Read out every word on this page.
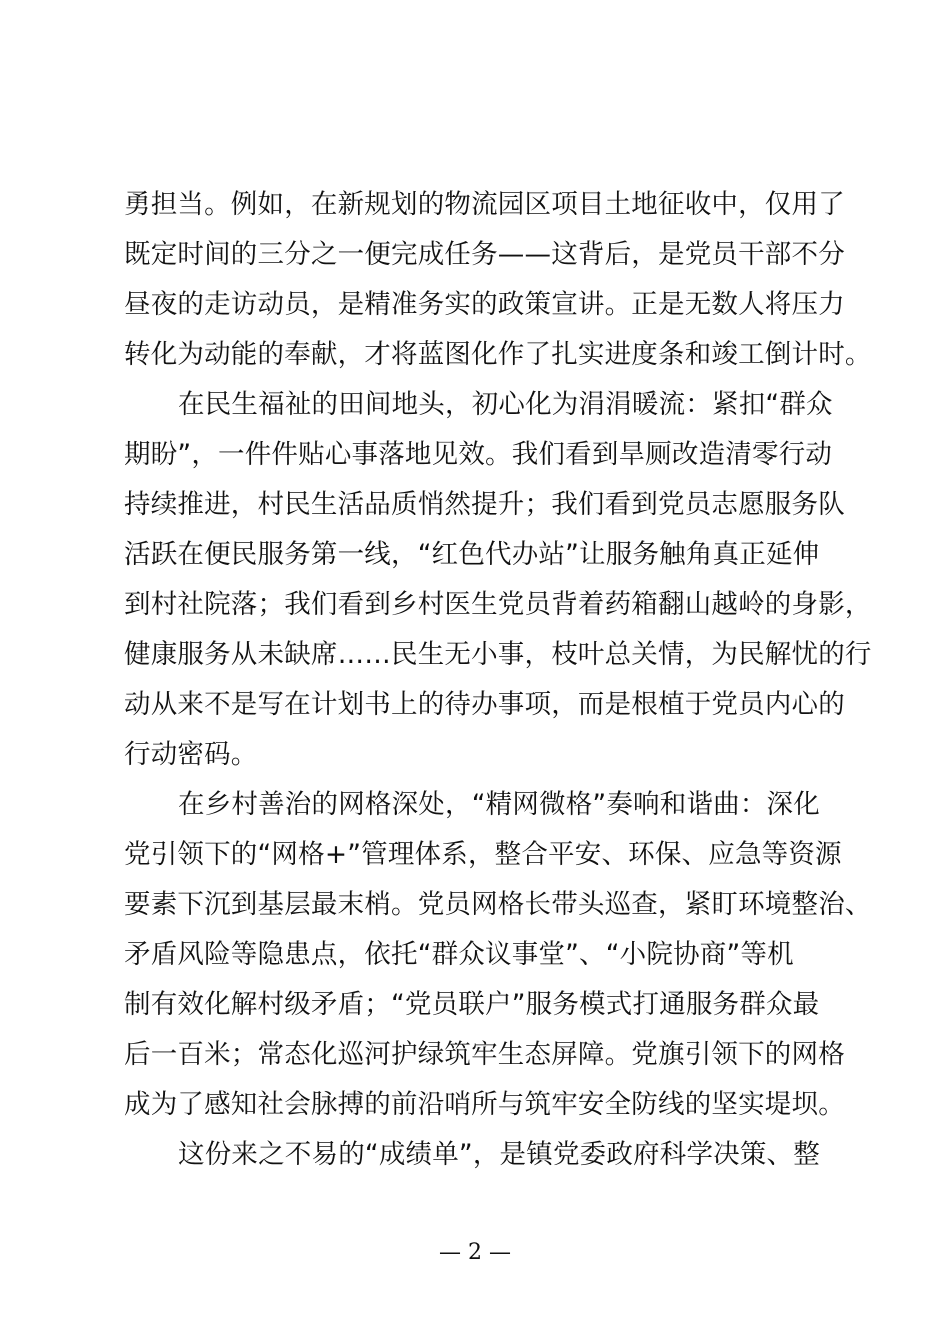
勇担当。例如，在新规划的物流园区项目土地征收中，仅用了
既定时间的三分之一便完成任务——这背后，是党员干部不分
昼夜的走访动员，是精准务实的政策宣讲。正是无数人将压力
转化为动能的奉献，才将蓝图化作了扎实进度条和竣工倒计时。
在民生福祉的田间地头，初心化为涓涓暖流：紧扣“群众
期盼”，一件件贴心事落地见效。我们看到旱厕改造清零行动
持续推进，村民生活品质悄然提升；我们看到党员志愿服务队
活跃在便民服务第一线，“红色代办站”让服务触角真正延伸
到村社院落；我们看到乡村医生党员背着药箱翻山越岭的身影，
健康服务从未缺席……民生无小事，枝叶总关情，为民解忧的行
动从来不是写在计划书上的待办事项，而是根植于党员内心的
行动密码。
在乡村善治的网格深处，“精网微格”奏响和谐曲：深化
党引领下的“网格+”管理体系，整合平安、环保、应急等资源
要素下沉到基层最末梢。党员网格长带头巡查，紧盯环境整治、
矛盾风险等隐患点，依托“群众议事堂”、“小院协商”等机
制有效化解村级矛盾；“党员联户”服务模式打通服务群众最
后一百米；常态化巡河护绿筑牢生态屏障。党旗引领下的网格
成为了感知社会脉搏的前沿哨所与筑牢安全防线的坚实堤坝。
这份来之不易的“成绩单”，是镇党委政府科学决策、整
— 2 —
